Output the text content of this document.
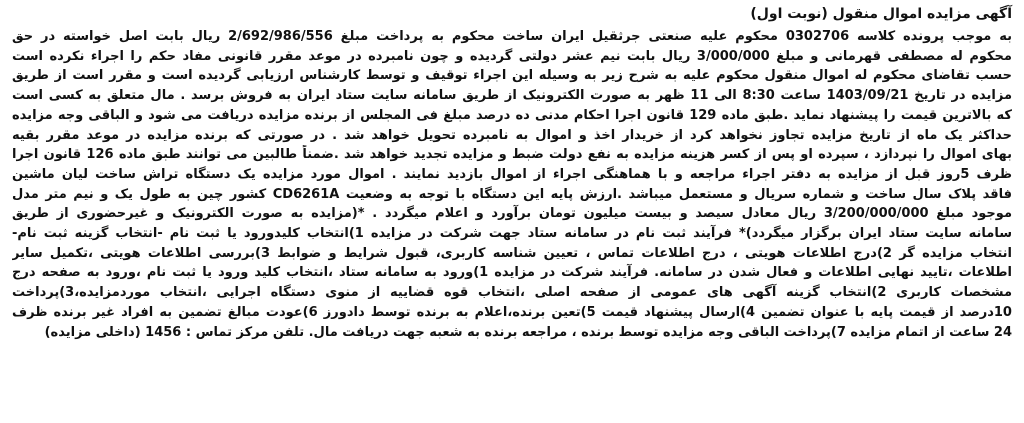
آگهی مزایده اموال منقول (نوبت اول)
به موجب پرونده کلاسه 0302706 محکوم علیه صنعتی جرثقیل ایران ساخت محکوم به پرداخت مبلغ 2/692/986/556 ریال بابت اصل خواسته در حق
محکوم له مصطفی قهرمانی و مبلغ 3/000/000 ریال بابت نیم عشر دولتی گردیده و چون نامبرده در موعد مقرر قانونی مفاد حکم را اجراء نکرده است
حسب تقاضای محکوم له اموال منقول محکوم علیه به شرح زیر به وسیله این اجراء توقیف و توسط کارشناس ارزیابی گردیده است و مقرر است از طریق
مزایده در تاریخ 1403/09/21 ساعت 8:30 الی 11 ظهر به صورت الکترونیک از طریق سامانه سایت ستاد ایران به فروش برسد . مال متعلق به کسی است
که بالاترین قیمت را پیشنهاد نماید .طبق ماده 129 قانون اجرا احکام مدنی ده درصد مبلغ فی المجلس از برنده مزایده دریافت می شود و الباقی وجه مزایده
حداکثر یک ماه از تاریخ مزایده تجاوز نخواهد کرد از خریدار اخذ و اموال به نامبرده تحویل خواهد شد . در صورتی که برنده مزایده در موعد مقرر بقیه
بهای اموال را نپردازد ، سپرده او پس از کسر هزینه مزایده به نفع دولت ضبط و مزایده تجدید خواهد شد .ضمناً طالبین می توانند طبق ماده 126 قانون اجرا
ظرف 5روز قبل از مزایده به دفتر اجراء مراجعه و با هماهنگی اجراء از اموال بازدید نمایند . اموال مورد مزایده یک دستگاه تراش ساخت لیان ماشین
فاقد پلاک سال ساخت و شماره سریال و مستعمل میباشد .ارزش پایه این دستگاه با توجه به وضعیت CD6261A کشور چین به طول یک و نیم متر مدل
موجود مبلغ 3/200/000/000 ریال معادل سیصد و بیست میلیون تومان برآورد و اعلام میگردد . *(مزایده به صورت الکترونیک و غیرحضوری از طریق
سامانه سایت ستاد ایران برگزار میگردد)* فرآیند ثبت نام در سامانه ستاد جهت شرکت در مزایده 1)انتخاب کلیدورود یا ثبت نام -انتخاب گزینه ثبت نام-
انتخاب مزایده گر 2)درج اطلاعات هویتی ، درج اطلاعات تماس ، تعیین شناسه کاربری، قبول شرایط و ضوابط 3)بررسی اطلاعات هویتی ،تکمیل سایر
اطلاعات ،تایید نهایی اطلاعات و فعال شدن در سامانه. فرآیند شرکت در مزایده 1)ورود به سامانه ستاد ،انتخاب کلید ورود یا ثبت نام ،ورود به صفحه درج
مشخصات کاربری 2)انتخاب گزینه آگهی های عمومی از صفحه اصلی ،انتخاب قوه قضاییه از منوی دستگاه اجرایی ،انتخاب موردمزایده،3)پرداخت
10درصد از قیمت پایه با عنوان تضمین 4)ارسال پیشنهاد قیمت 5)تعین برنده،اعلام به برنده توسط دادورز 6)عودت مبالغ تضمین به افراد غیر برنده ظرف
24 ساعت از اتمام مزایده 7)پرداخت الباقی وجه مزایده توسط برنده ، مراجعه برنده به شعبه جهت دریافت مال. تلفن مرکز تماس : 1456 (داخلی مزایده)
